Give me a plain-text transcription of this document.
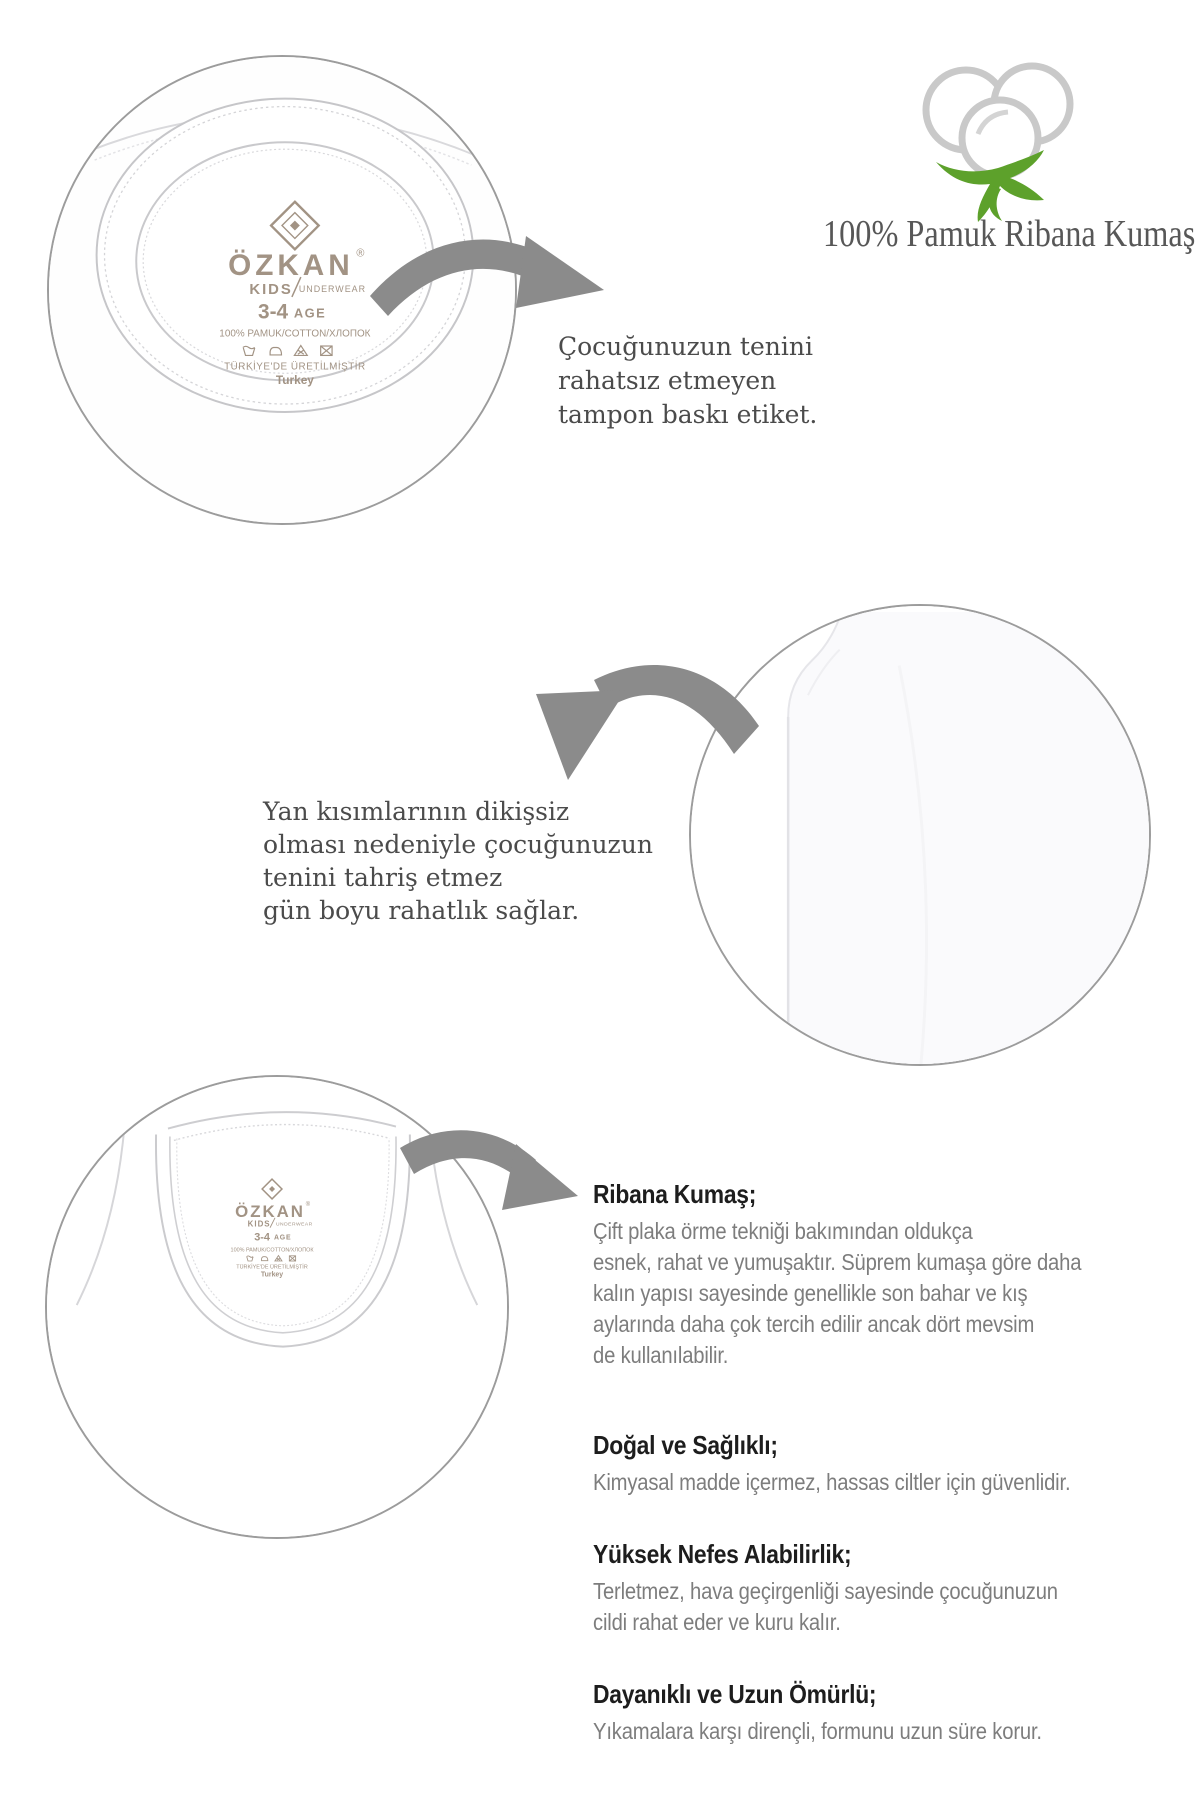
ÖZKAN ®
KIDS UNDERWEAR
3-4 AGE
100% PAMUK/COTTON/ХЛОПОК
TÜRKİYE'DE ÜRETİLMİŞTİR
Turkey
Çocuğunuzun tenini
rahatsız etmeyen
tampon baskı etiket.
100% Pamuk Ribana Kumaş
Yan kısımlarının dikişsiz
olması nedeniyle çocuğunuzun
tenini tahriş etmez
gün boyu rahatlık sağlar.
ÖZKAN ®
KIDS UNDERWEAR
3-4 AGE
100% PAMUK/COTTON/ХЛОПОК
TÜRKİYE'DE ÜRETİLMİŞTİR
Turkey
Ribana Kumaş;

Çift plaka örme tekniği bakımından oldukça
esnek, rahat ve yumuşaktır. Süprem kumaşa göre daha
kalın yapısı sayesinde genellikle son bahar ve kış
aylarında daha çok tercih edilir ancak dört mevsim
de kullanılabilir.

Doğal ve Sağlıklı;

Kimyasal madde içermez, hassas ciltler için güvenlidir.

Yüksek Nefes Alabilirlik;

Terletmez, hava geçirgenliği sayesinde çocuğunuzun
cildi rahat eder ve kuru kalır.

Dayanıklı ve Uzun Ömürlü;

Yıkamalara karşı dirençli, formunu uzun süre korur.
